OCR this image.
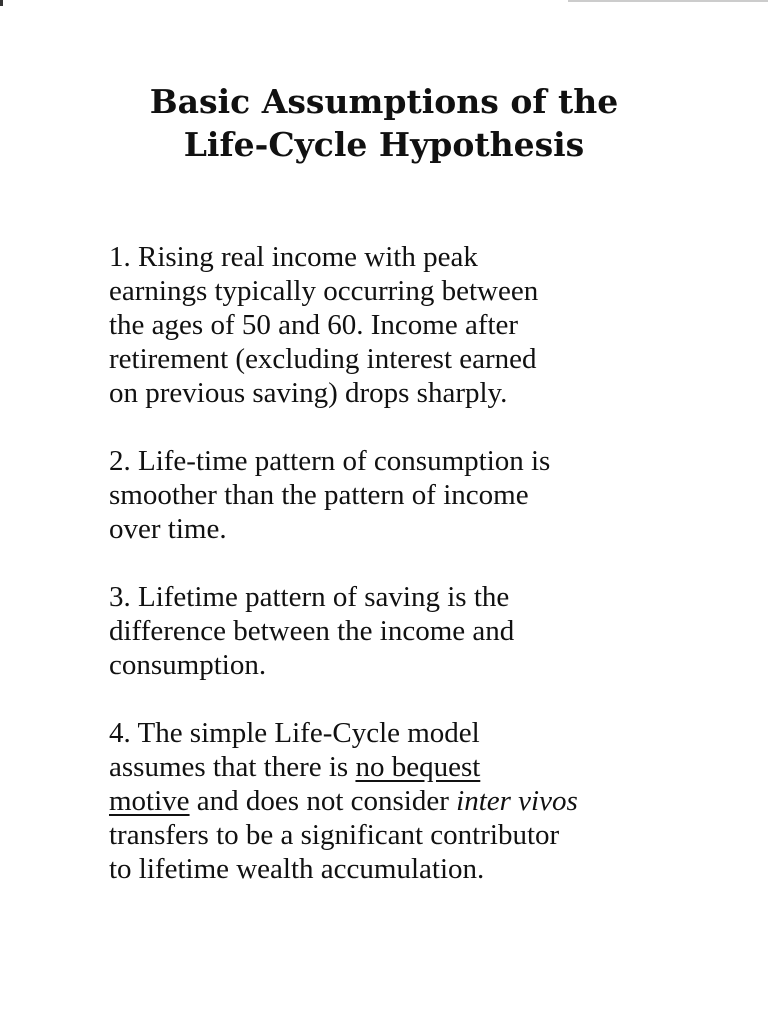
Basic Assumptions of the
Life-Cycle Hypothesis
1. Rising real income with peak
earnings typically occurring between
the ages of 50 and 60. Income after
retirement (excluding interest earned
on previous saving) drops sharply.
2. Life-time pattern of consumption is
smoother than the pattern of income
over time.
3. Lifetime pattern of saving is the
difference between the income and
consumption.
4. The simple Life-Cycle model
assumes that there is no bequest
motive and does not consider inter vivos
transfers to be a significant contributor
to lifetime wealth accumulation.
